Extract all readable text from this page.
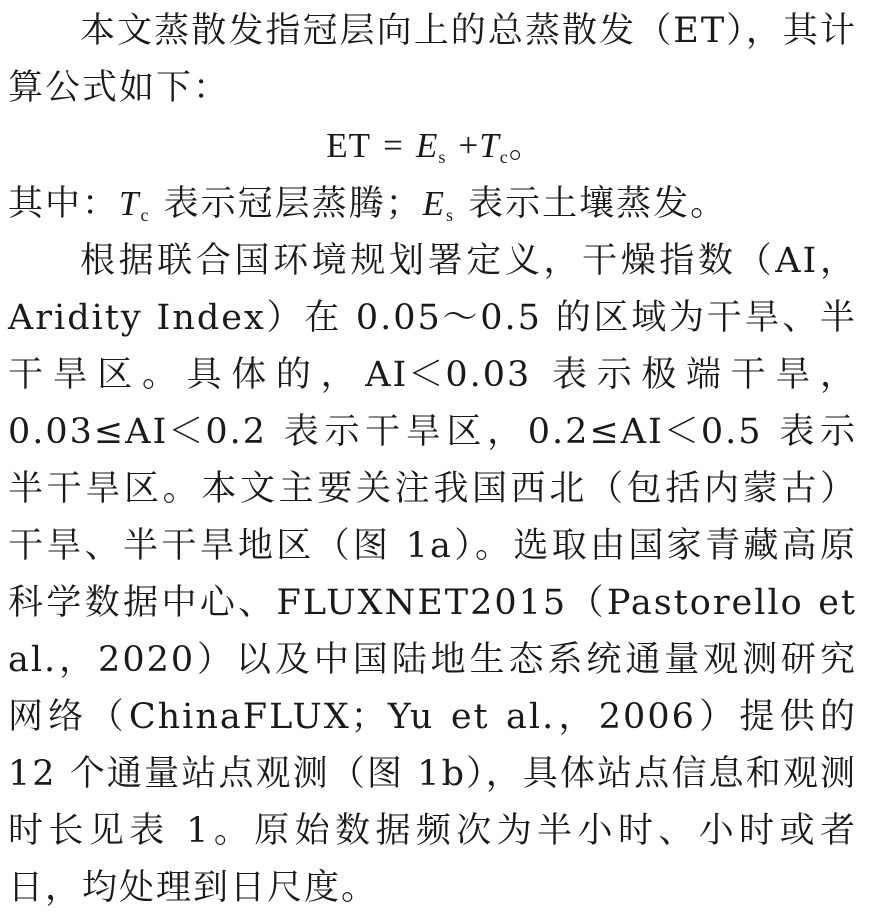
本文蒸散发指冠层向上的总蒸散发（ET），其计算公式如下：

ET = $E_s +T_c$。

其中：$T_c$ 表示冠层蒸腾；$E_s$ 表示土壤蒸发。

根据联合国环境规划署定义，干燥指数（AI，Aridity Index）在 0.05～0.5 的区域为干旱、半干旱区。具体的，AI＜0.03 表示极端干旱，0.03≤AI＜0.2 表示干旱区，0.2≤AI＜0.5 表示半干旱区。本文主要关注我国西北（包括内蒙古）干旱、半干旱地区（图 1a）。选取由国家青藏高原科学数据中心、FLUXNET2015（Pastorello et al.，2020）以及中国陆地生态系统通量观测研究网络（ChinaFLUX；Yu et al.，2006）提供的 12 个通量站点观测（图 1b），具体站点信息和观测时长见表 1。原始数据频次为半小时、小时或者日，均处理到日尺度。
